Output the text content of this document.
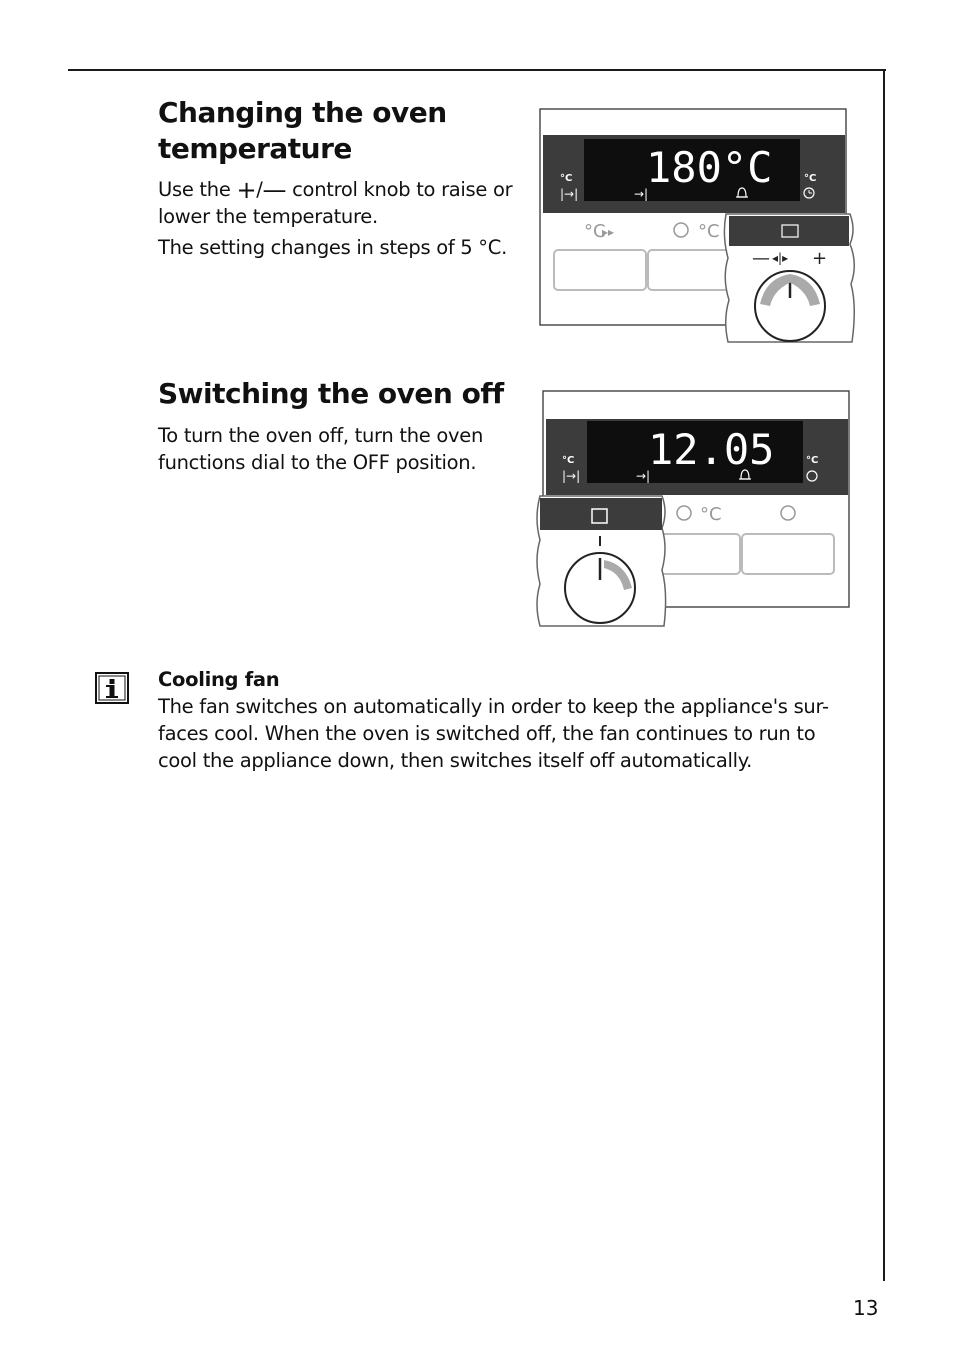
Changing the oven temperature

Use the +/— control knob to raise or lower the temperature.

The setting changes in steps of 5 °C.

Switching the oven off

To turn the oven off, turn the oven functions dial to the OFF position.

180°C
°C
|→|	→|
°C
°C
▸▸	°C
— ◂|▸ +
12.05
°C
|→|	→|
°C
°C
Cooling fan

The fan switches on automatically in order to keep the appliance's sur- faces cool. When the oven is switched off, the fan continues to run to cool the appliance down, then switches itself off automatically.

13
